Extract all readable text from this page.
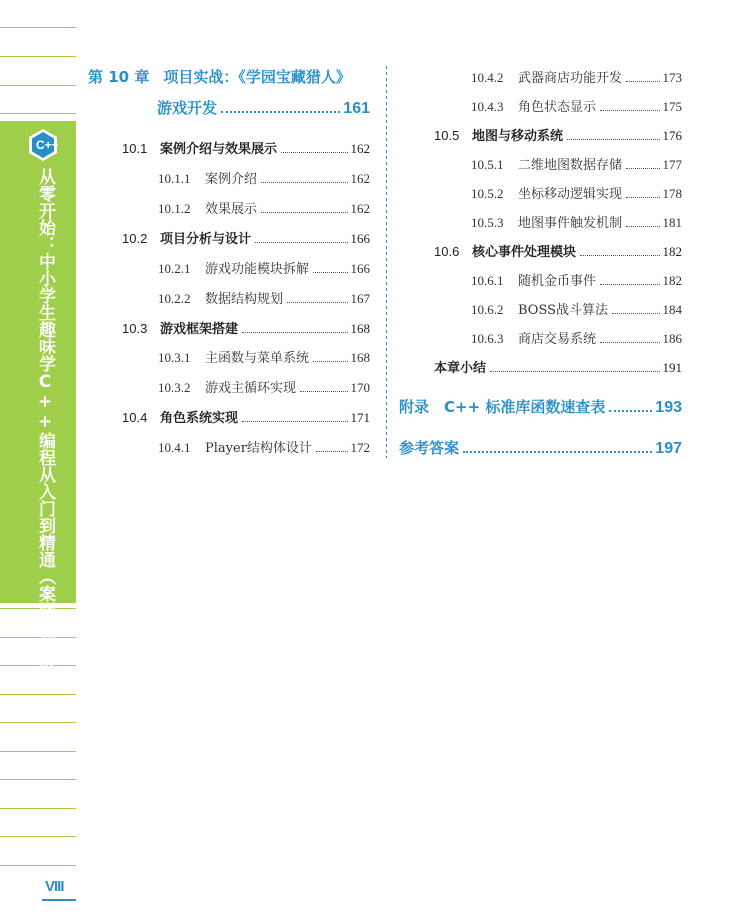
C++
从零开始：中小学生趣味学C++编程从入门到精通（案例视频版）
VIII
第 10 章 项目实战：《学园宝藏猎人》
游戏开发	161
10.1 案例介绍与效果展示	162
10.1.1	案例介绍	162
10.1.2	效果展示	162
10.2 项目分析与设计	166
10.2.1	游戏功能模块拆解	166
10.2.2	数据结构规划	167
10.3 游戏框架搭建	168
10.3.1	主函数与菜单系统	168
10.3.2	游戏主循环实现	170
10.4 角色系统实现	171
10.4.1	Player结构体设计	172
10.4.2	武器商店功能开发	173
10.4.3	角色状态显示	175
10.5 地图与移动系统	176
10.5.1	二维地图数据存储	177
10.5.2	坐标移动逻辑实现	178
10.5.3	地图事件触发机制	181
10.6 核心事件处理模块	182
10.6.1	随机金币事件	182
10.6.2	BOSS战斗算法	184
10.6.3	商店交易系统	186
本章小结	191
附录　C++ 标准库函数速查表	193
参考答案	197
